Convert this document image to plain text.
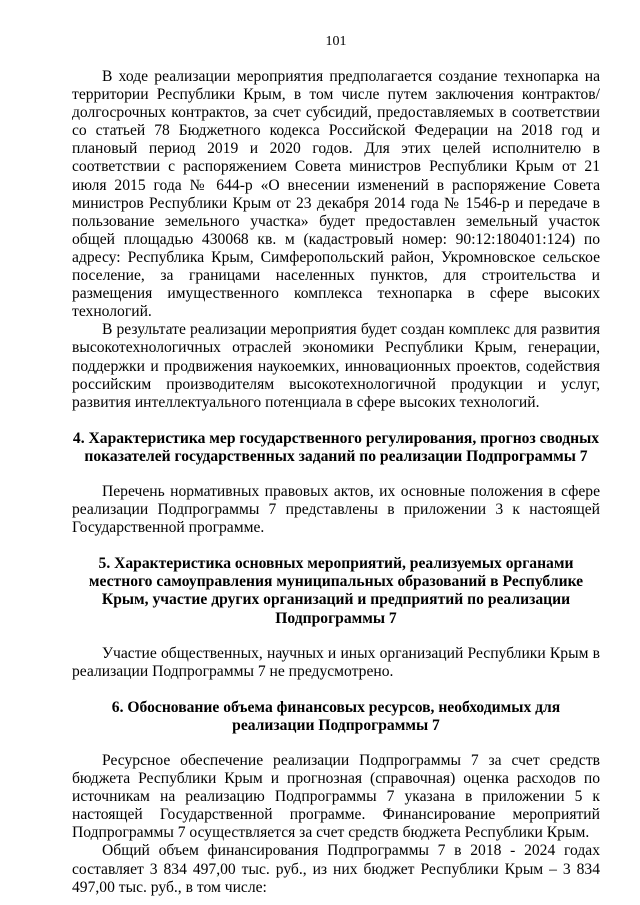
101

В ходе реализации мероприятия предполагается создание технопарка на территории Республики Крым, в том числе путем заключения контрактов/долгосрочных контрактов, за счет субсидий, предоставляемых в соответствии со статьей 78 Бюджетного кодекса Российской Федерации на 2018 год и плановый период 2019 и 2020 годов. Для этих целей исполнителю в соответствии с распоряжением Совета министров Республики Крым от 21 июля 2015 года № 644-р «О внесении изменений в распоряжение Совета министров Республики Крым от 23 декабря 2014 года № 1546-р и передаче в пользование земельного участка» будет предоставлен земельный участок общей площадью 430068 кв. м (кадастровый номер: 90:12:180401:124) по адресу: Республика Крым, Симферопольский район, Укромновское сельское поселение, за границами населенных пунктов, для строительства и размещения имущественного комплекса технопарка в сфере высоких технологий.

В результате реализации мероприятия будет создан комплекс для развития высокотехнологичных отраслей экономики Республики Крым, генерации, поддержки и продвижения наукоемких, инновационных проектов, содействия российским производителям высокотехнологичной продукции и услуг, развития интеллектуального потенциала в сфере высоких технологий.

4. Характеристика мер государственного регулирования, прогноз сводных показателей государственных заданий по реализации Подпрограммы 7

Перечень нормативных правовых актов, их основные положения в сфере реализации Подпрограммы 7 представлены в приложении 3 к настоящей Государственной программе.

5. Характеристика основных мероприятий, реализуемых органами местного самоуправления муниципальных образований в Республике Крым, участие других организаций и предприятий по реализации Подпрограммы 7

Участие общественных, научных и иных организаций Республики Крым в реализации Подпрограммы 7 не предусмотрено.

6. Обоснование объема финансовых ресурсов, необходимых для реализации Подпрограммы 7

Ресурсное обеспечение реализации Подпрограммы 7 за счет средств бюджета Республики Крым и прогнозная (справочная) оценка расходов по источникам на реализацию Подпрограммы 7 указана в приложении 5 к настоящей Государственной программе. Финансирование мероприятий Подпрограммы 7 осуществляется за счет средств бюджета Республики Крым.

Общий объем финансирования Подпрограммы 7 в 2018 - 2024 годах составляет 3 834 497,00 тыс. руб., из них бюджет Республики Крым – 3 834 497,00 тыс. руб., в том числе:
